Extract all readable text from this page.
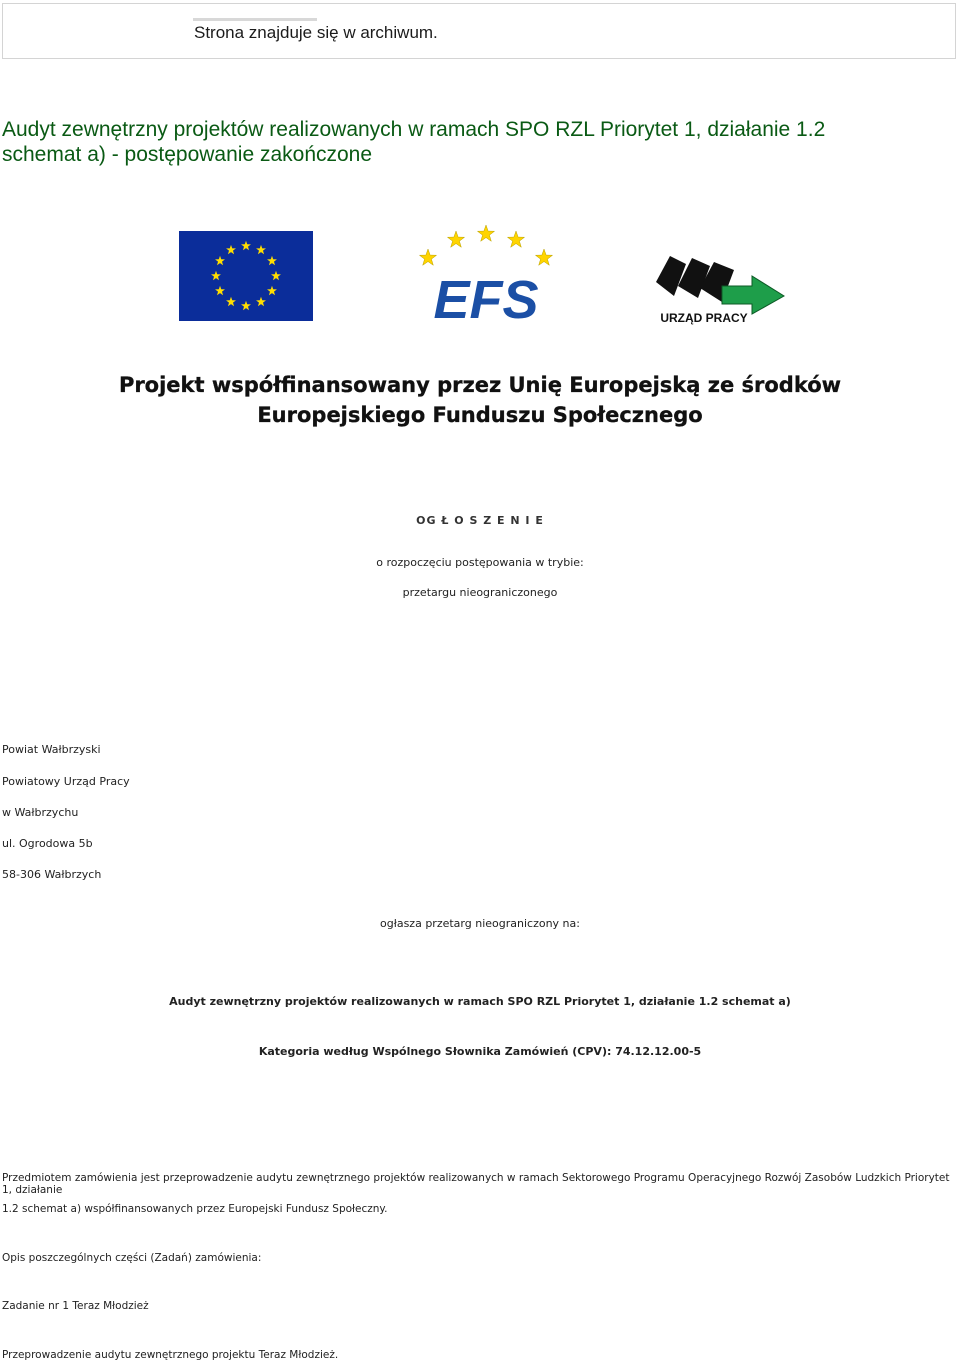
Strona znajduje się w archiwum.
Audyt zewnętrzny projektów realizowanych w ramach SPO RZL Priorytet 1, działanie 1.2
schemat a) - postępowanie zakończone
EFS	URZĄD PRACY
Projekt współfinansowany przez Unię Europejską ze środków
Europejskiego Funduszu Społecznego
OG Ł O S Z E N I E
o rozpoczęciu postępowania w trybie:
przetargu nieograniczonego
Powiat Wałbrzyski
Powiatowy Urząd Pracy
w Wałbrzychu
ul. Ogrodowa 5b
58-306 Wałbrzych
ogłasza przetarg nieograniczony na:
Audyt zewnętrzny projektów realizowanych w ramach SPO RZL Priorytet 1, działanie 1.2 schemat a)
Kategoria według Wspólnego Słownika Zamówień (CPV): 74.12.12.00-5
Przedmiotem zamówienia jest przeprowadzenie audytu zewnętrznego projektów realizowanych w ramach Sektorowego Programu Operacyjnego Rozwój Zasobów Ludzkich Priorytet 1, działanie
1.2 schemat a) współfinansowanych przez Europejski Fundusz Społeczny.
Opis poszczególnych części (Zadań) zamówienia:
Zadanie nr 1 Teraz Młodzież
Przeprowadzenie audytu zewnętrznego projektu Teraz Młodzież.
